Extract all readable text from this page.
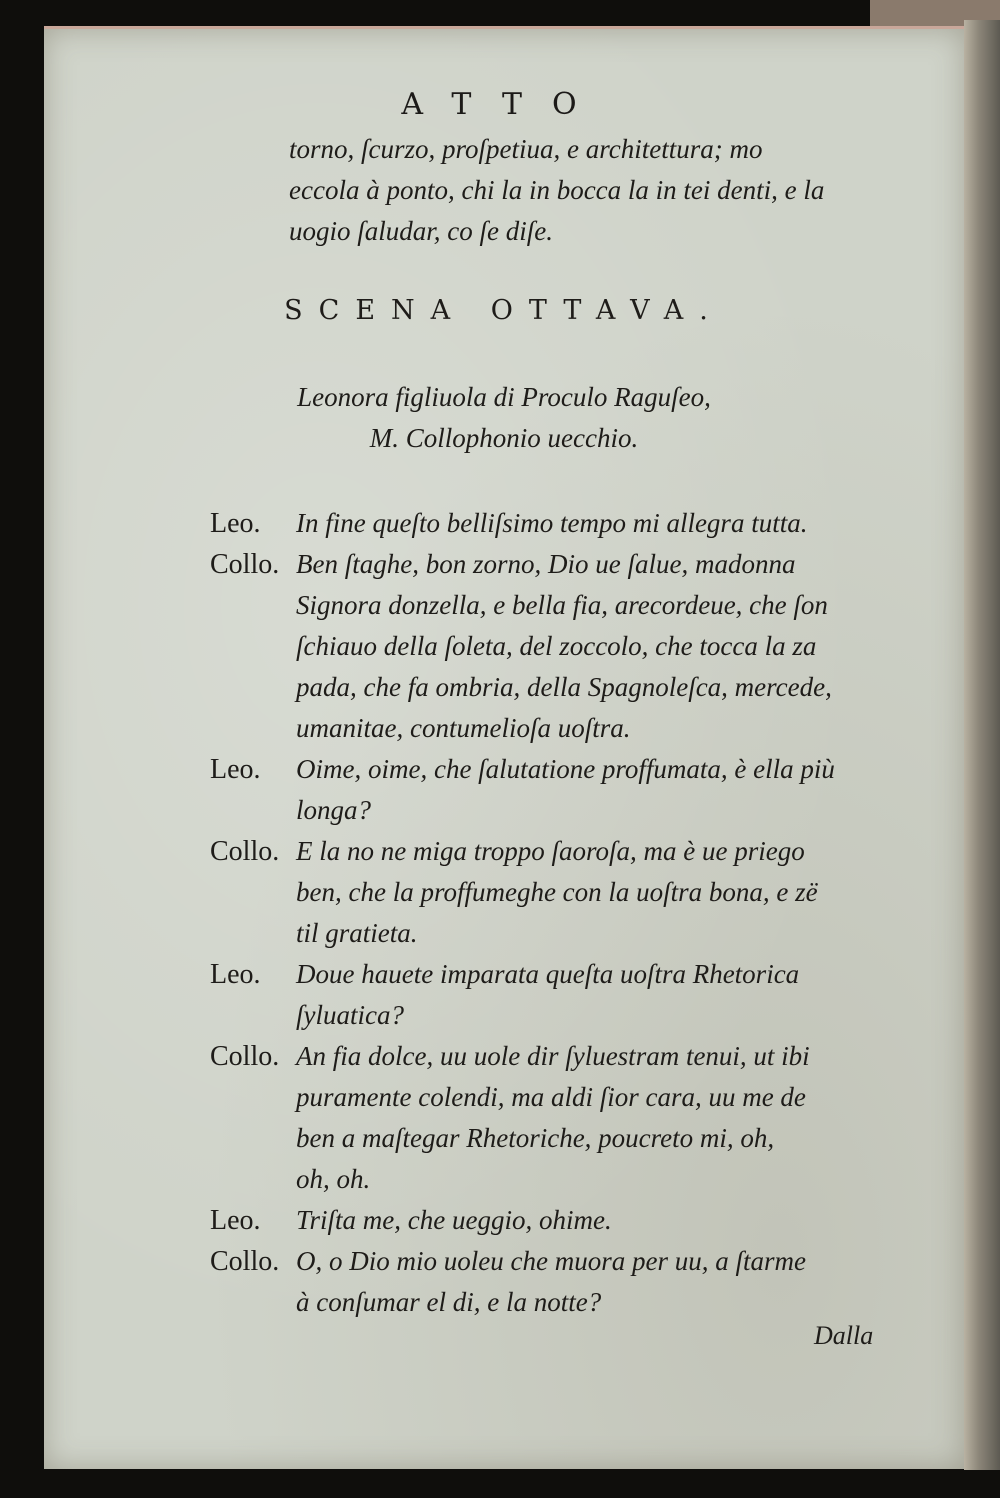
ATTO
torno, ſcurzo, proſpetiua, e architettura; mo
eccola à ponto, chi la in bocca la in tei denti, e la
uogio ſaludar, co ſe diſe.
SCENA OTTAVA.
Leonora figliuola di Proculo Raguſeo,
M. Collophonio uecchio.
Leo.	In fine queſto belliſsimo tempo mi allegra tutta.
Collo. Ben ſtaghe, bon zorno, Dio ue ſalue, madonna
Signora donzella, e bella fia, arecordeue, che ſon
ſchiauo della ſoleta, del zoccolo, che tocca la za
pada, che fa ombria, della Spagnoleſca, mercede,
umanitae, contumelioſa uoſtra.
Leo.	Oime, oime, che ſalutatione proffumata, è ella più
longa?
Collo. E la no ne miga troppo ſaoroſa, ma è ue priego
ben, che la proffumeghe con la uoſtra bona, e zë
til gratieta.
Leo.	Doue hauete imparata queſta uoſtra Rhetorica
ſyluatica?
Collo. An fia dolce, uu uole dir ſyluestram tenui, ut ibi
puramente colendi, ma aldi ſior cara, uu me de
ben a maſtegar Rhetoriche, poucreto mi, oh,
oh, oh.
Leo.	Triſta me, che ueggio, ohime.
Collo. O, o Dio mio uoleu che muora per uu, a ſtarme
à conſumar el di, e la notte?
Dalla
